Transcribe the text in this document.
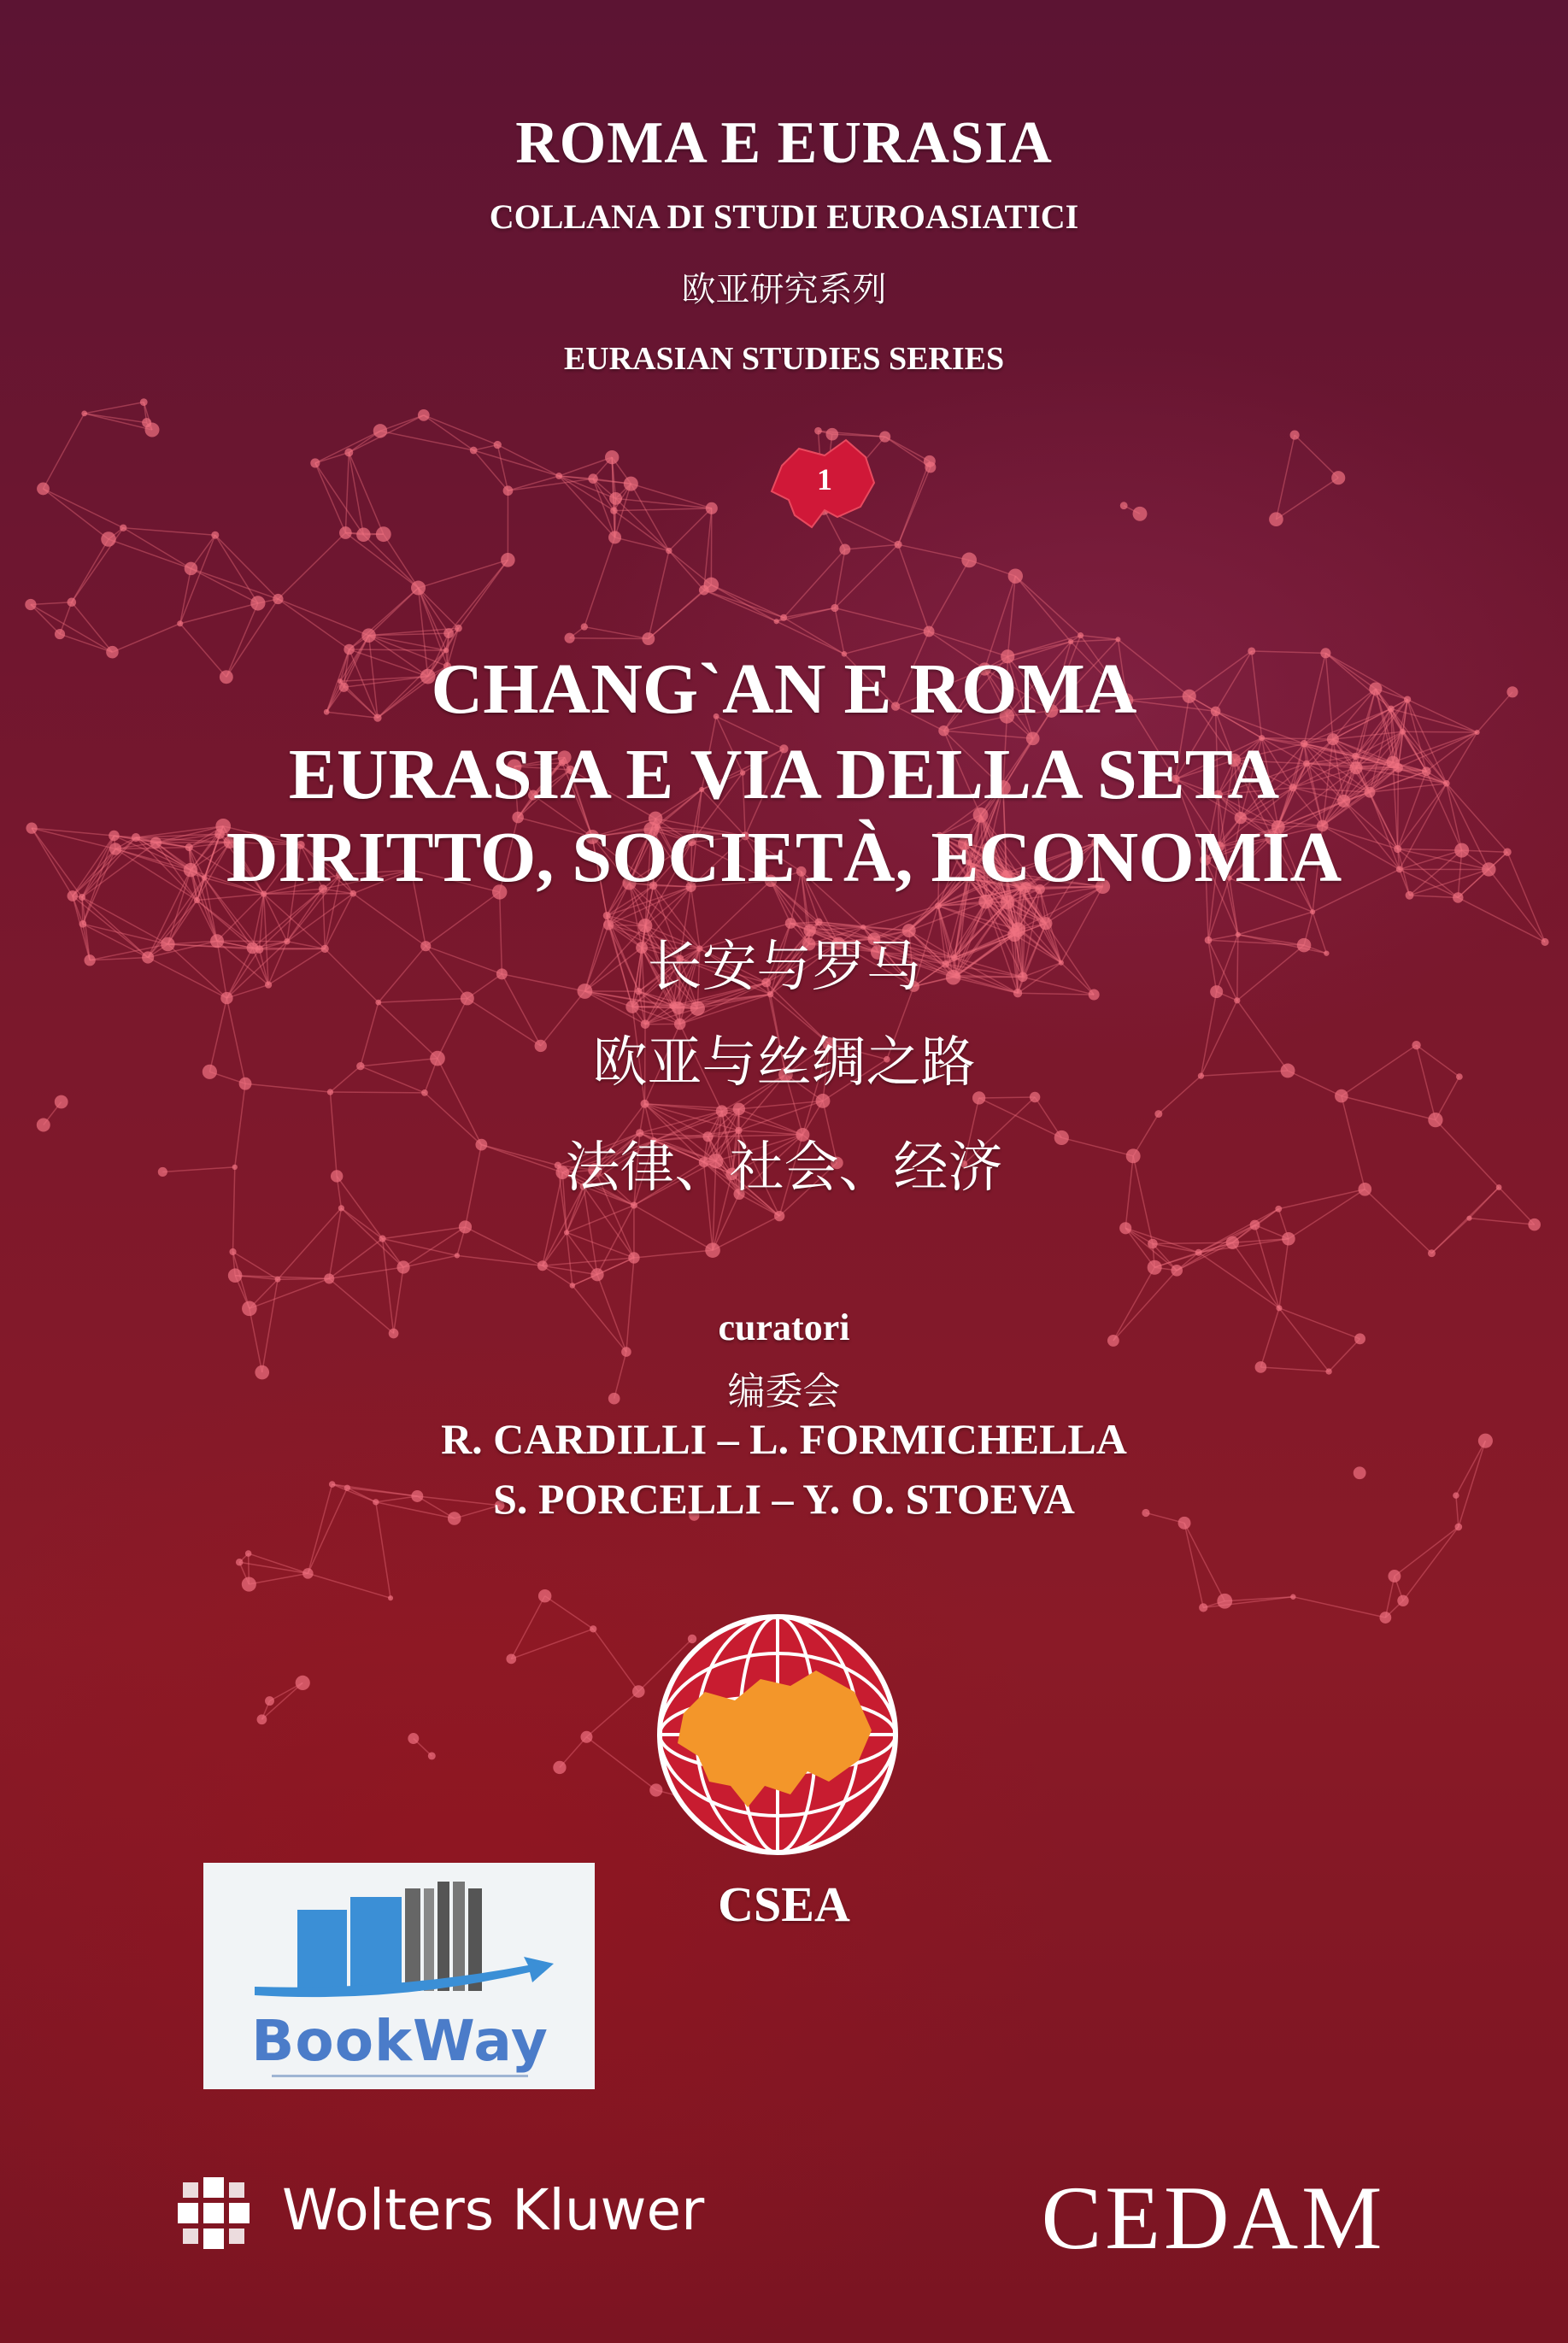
ROMA E EURASIA
COLLANA DI STUDI EUROASIATICI
欧亚研究系列
EURASIAN STUDIES SERIES
1
CHANG`AN E ROMA
EURASIA E VIA DELLA SETA
DIRITTO, SOCIETÀ, ECONOMIA
长安与罗马
欧亚与丝绸之路
法律、社会、经济
curatori
编委会
R. CARDILLI – L. FORMICHELLA
S. PORCELLI – Y. O. STOEVA
CSEA
BookWay
Wolters Kluwer	CEDAM
